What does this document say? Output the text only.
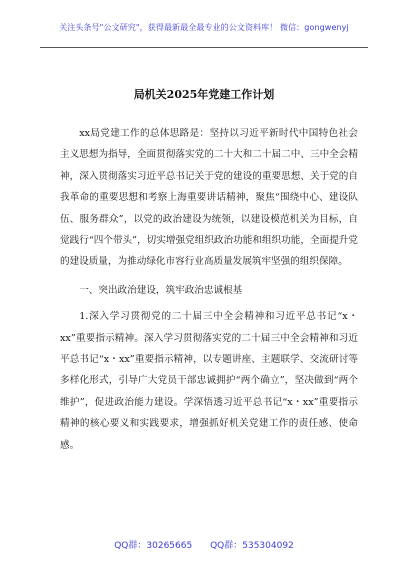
关注头条号"公文研究"，获得最新最全最专业的公文资料库！ 微信：gongwenyj
局机关2025年党建工作计划

xx局党建工作的总体思路是：坚持以习近平新时代中国特色社会主义思想为指导，全面贯彻落实党的二十大和二十届二中、三中全会精神，深入贯彻落实习近平总书记关于党的建设的重要思想、关于党的自我革命的重要思想和考察上海重要讲话精神，聚焦“围绕中心、建设队伍、服务群众”，以党的政治建设为统领，以建设模范机关为目标，自觉践行“四个带头”，切实增强党组织政治功能和组织功能，全面提升党的建设质量，为推动绿化市容行业高质量发展筑牢坚强的组织保障。

一、突出政治建设，筑牢政治忠诚根基

1.深入学习贯彻党的二十届三中全会精神和习近平总书记“x・xx”重要指示精神。深入学习贯彻落实党的二十届三中全会精神和习近平总书记“x・xx”重要指示精神，以专题讲座、主题联学、交流研讨等多样化形式，引导广大党员干部忠诚拥护“两个确立”，坚决做到“两个维护”，促进政治能力建设。学深悟透习近平总书记“x・xx”重要指示精神的核心要义和实践要求，增强抓好机关党建工作的责任感、使命感。

QQ群：30265665 QQ群：535304092
